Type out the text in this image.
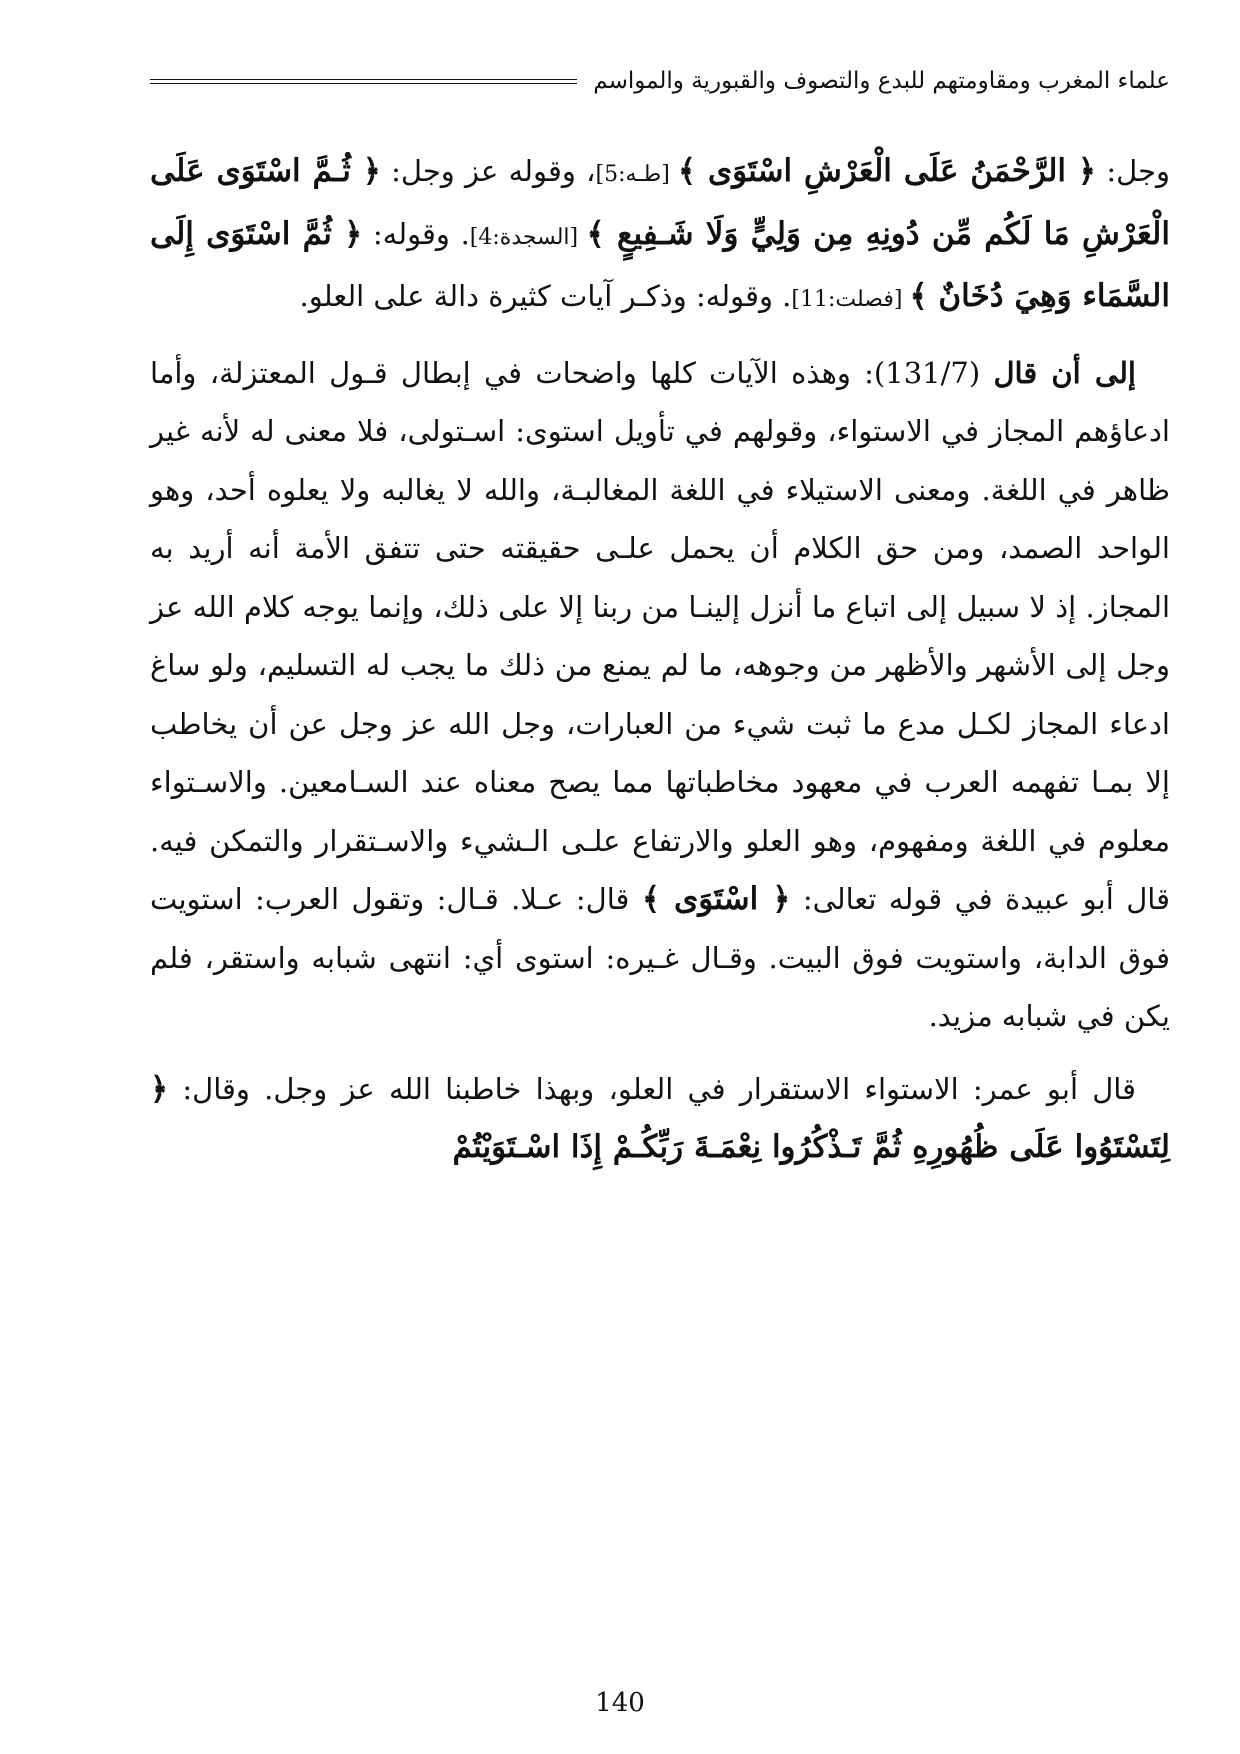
علماء المغرب ومقاومتهم للبدع والتصوف والقبورية والمواسم

وجل: ﴿ الرَّحْمَنُ عَلَى الْعَرْشِ اسْتَوَى ﴾ [طـه:5]، وقوله عز وجل: ﴿ ثُـمَّ اسْتَوَى عَلَى الْعَرْشِ مَا لَكُم مِّن دُونِهِ مِن وَلِيٍّ وَلَا شَـفِيعٍ ﴾ [السجدة:4]. وقوله: ﴿ ثُمَّ اسْتَوَى إِلَى السَّمَاء وَهِيَ دُخَانٌ ﴾ [فصلت:11]. وقوله: وذكـر آيات كثيرة دالة على العلو.

إلى أن قال (131/7): وهذه الآيات كلها واضحات في إبطال قـول المعتزلة، وأما ادعاؤهم المجاز في الاستواء، وقولهم في تأويل استوى: اسـتولى، فلا معنى له لأنه غير ظاهر في اللغة. ومعنى الاستيلاء في اللغة المغالبـة، والله لا يغالبه ولا يعلوه أحد، وهو الواحد الصمد، ومن حق الكلام أن يحمل علـى حقيقته حتى تتفق الأمة أنه أريد به المجاز. إذ لا سبيل إلى اتباع ما أنزل إلينـا من ربنا إلا على ذلك، وإنما يوجه كلام الله عز وجل إلى الأشهر والأظهر من وجوهه، ما لم يمنع من ذلك ما يجب له التسليم، ولو ساغ ادعاء المجاز لكـل مدع ما ثبت شيء من العبارات، وجل الله عز وجل عن أن يخاطب إلا بمـا تفهمه العرب في معهود مخاطباتها مما يصح معناه عند السـامعين. والاسـتواء معلوم في اللغة ومفهوم، وهو العلو والارتفاع علـى الـشيء والاسـتقرار والتمكن فيه. قال أبو عبيدة في قوله تعالى: ﴿ اسْتَوَى ﴾ قال: عـلا. قـال: وتقول العرب: استويت فوق الدابة، واستويت فوق البيت. وقـال غـيره: استوى أي: انتهى شبابه واستقر، فلم يكن في شبابه مزيد.

قال أبو عمر: الاستواء الاستقرار في العلو، وبهذا خاطبنا الله عز وجل. وقال: ﴿ لِتَسْتَوُوا عَلَى ظُهُورِهِ ثُمَّ تَـذْكُرُوا نِعْمَـةَ رَبِّكُـمْ إِذَا اسْـتَوَيْتُمْ

140
